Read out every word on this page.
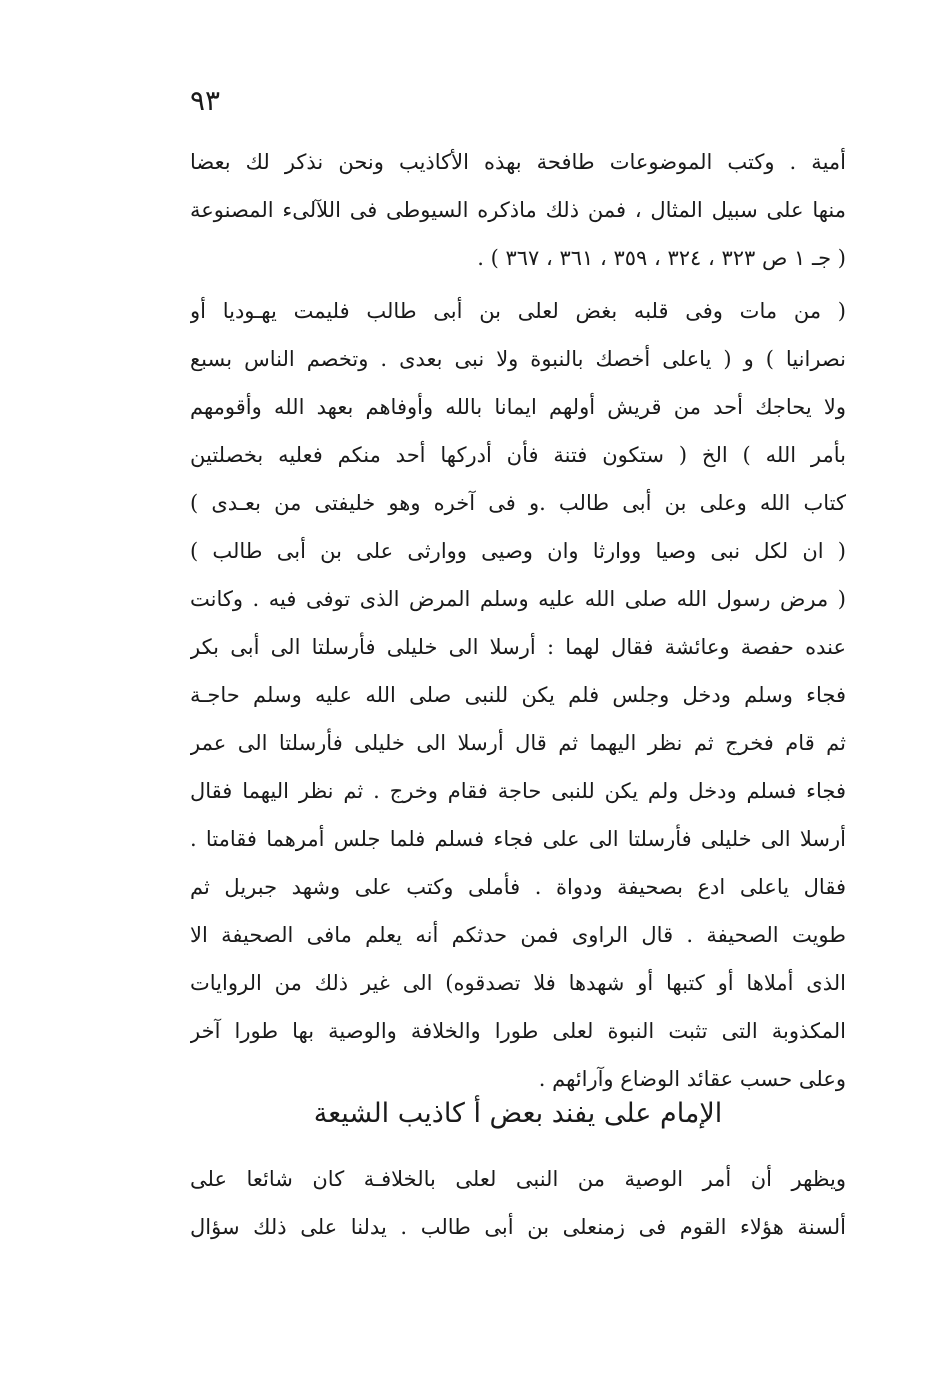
٩٣
أمية . وكتب الموضوعات طافحة بهذه الأكاذيب ونحن نذكر لك بعضا
منها على سبيل المثال ، فمن ذلك ماذكره السيوطى فى اللآلىء المصنوعة
( جـ ١ ص ٣٢٣ ، ٣٢٤ ، ٣٥٩ ، ٣٦١ ، ٣٦٧ ) .
( من مات وفى قلبه بغض لعلى بن أبى طالب فليمت يهـوديا أو
نصرانيا ) و ( ياعلى أخصك بالنبوة ولا نبى بعدى . وتخصم الناس بسبع
ولا يحاجك أحد من قريش أولهم ايمانا بالله وأوفاهم بعهد الله وأقومهم
بأمر الله ) الخ ( ستكون فتنة فأن أدركها أحد منكم فعليه بخصلتين
كتاب الله وعلى بن أبى طالب .و فى آخره وهو خليفتى من بعـدى )
( ان لكل نبى وصيا ووارثا وان وصيى ووارثى على بن أبى طالب )
( مرض رسول الله صلى الله عليه وسلم المرض الذى توفى فيه . وكانت
عنده حفصة وعائشة فقال لهما : أرسلا الى خليلى فأرسلتا الى أبى بكر
فجاء وسلم ودخل وجلس فلم يكن للنبى صلى الله عليه وسلم حاجـة
ثم قام فخرج ثم نظر اليهما ثم قال أرسلا الى خليلى فأرسلتا الى عمر
فجاء فسلم ودخل ولم يكن للنبى حاجة فقام وخرج . ثم نظر اليهما فقال
أرسلا الى خليلى فأرسلتا الى على فجاء فسلم فلما جلس أمرهما فقامتا .
فقال ياعلى ادع بصحيفة ودواة . فأملى وكتب على وشهد جبريل ثم
طويت الصحيفة . قال الراوى فمن حدثكم أنه يعلم مافى الصحيفة الا
الذى أملاها أو كتبها أو شهدها فلا تصدقوه) الى غير ذلك من الروايات
المكذوبة التى تثبت النبوة لعلى طورا والخلافة والوصية بها طورا آخر
وعلى حسب عقائد الوضاع وآرائهم .
الإمام على يفند بعض أ كاذيب الشيعة
ويظهر أن أمر الوصية من النبى لعلى بالخلافـة كان شائعا على
ألسنة هؤلاء القوم فى زمنعلى بن أبى طالب . يدلنا على ذلك سؤال
